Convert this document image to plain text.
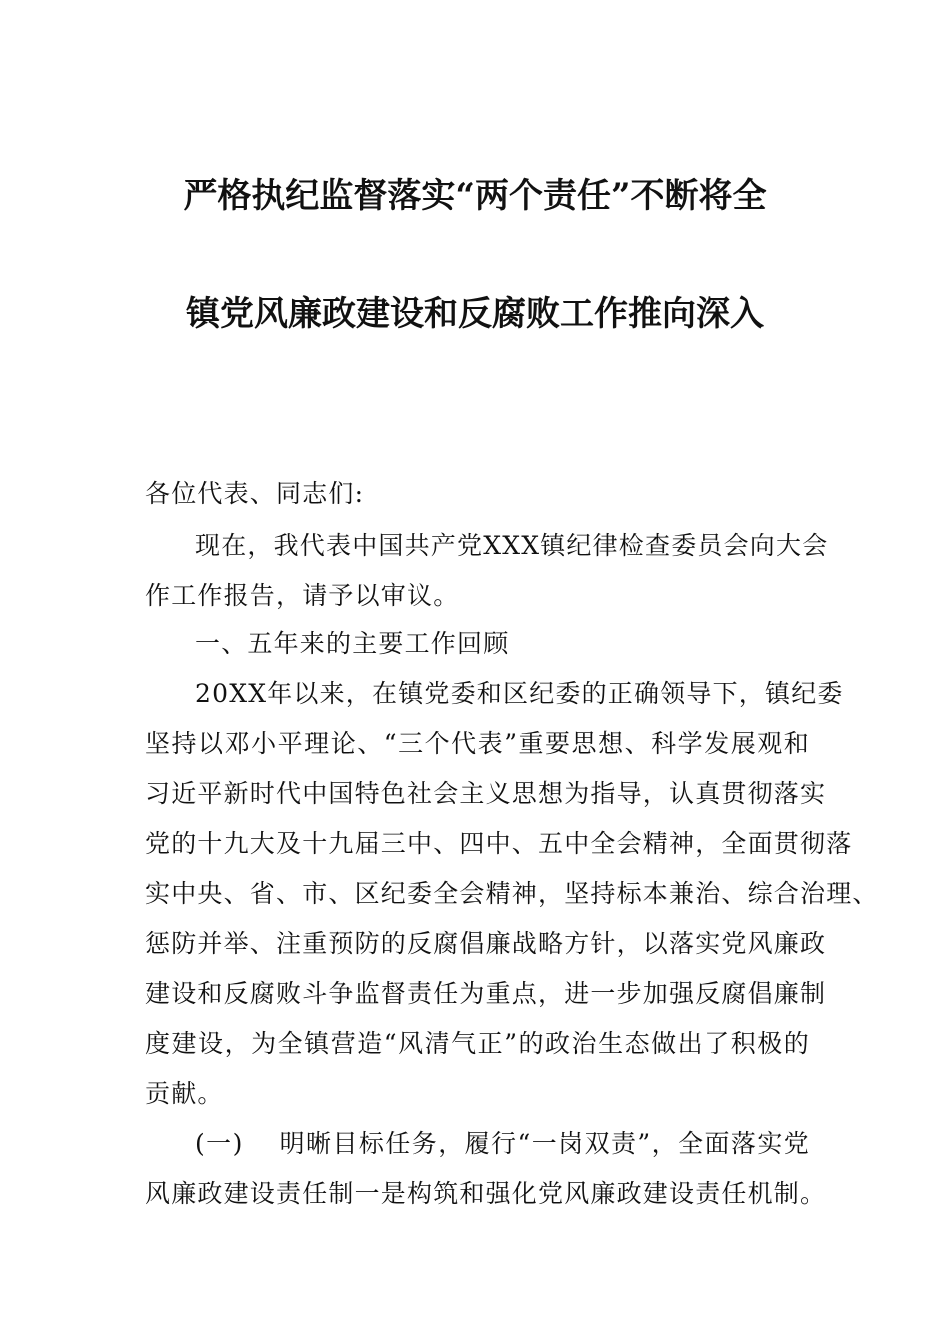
严格执纪监督落实“两个责任”不断将全
镇党风廉政建设和反腐败工作推向深入
各位代表、同志们:
现在，我代表中国共产党XXX镇纪律检查委员会向大会
作工作报告，请予以审议。
一、五年来的主要工作回顾
20XX年以来，在镇党委和区纪委的正确领导下，镇纪委
坚持以邓小平理论、“三个代表”重要思想、科学发展观和
习近平新时代中国特色社会主义思想为指导，认真贯彻落实
党的十九大及十九届三中、四中、五中全会精神，全面贯彻落
实中央、省、市、区纪委全会精神，坚持标本兼治、综合治理、
惩防并举、注重预防的反腐倡廉战略方针，以落实党风廉政
建设和反腐败斗争监督责任为重点，进一步加强反腐倡廉制
度建设，为全镇营造“风清气正”的政治生态做出了积极的
贡献。
(一)　 明晰目标任务，履行“一岗双责”，全面落实党
风廉政建设责任制一是构筑和强化党风廉政建设责任机制。
